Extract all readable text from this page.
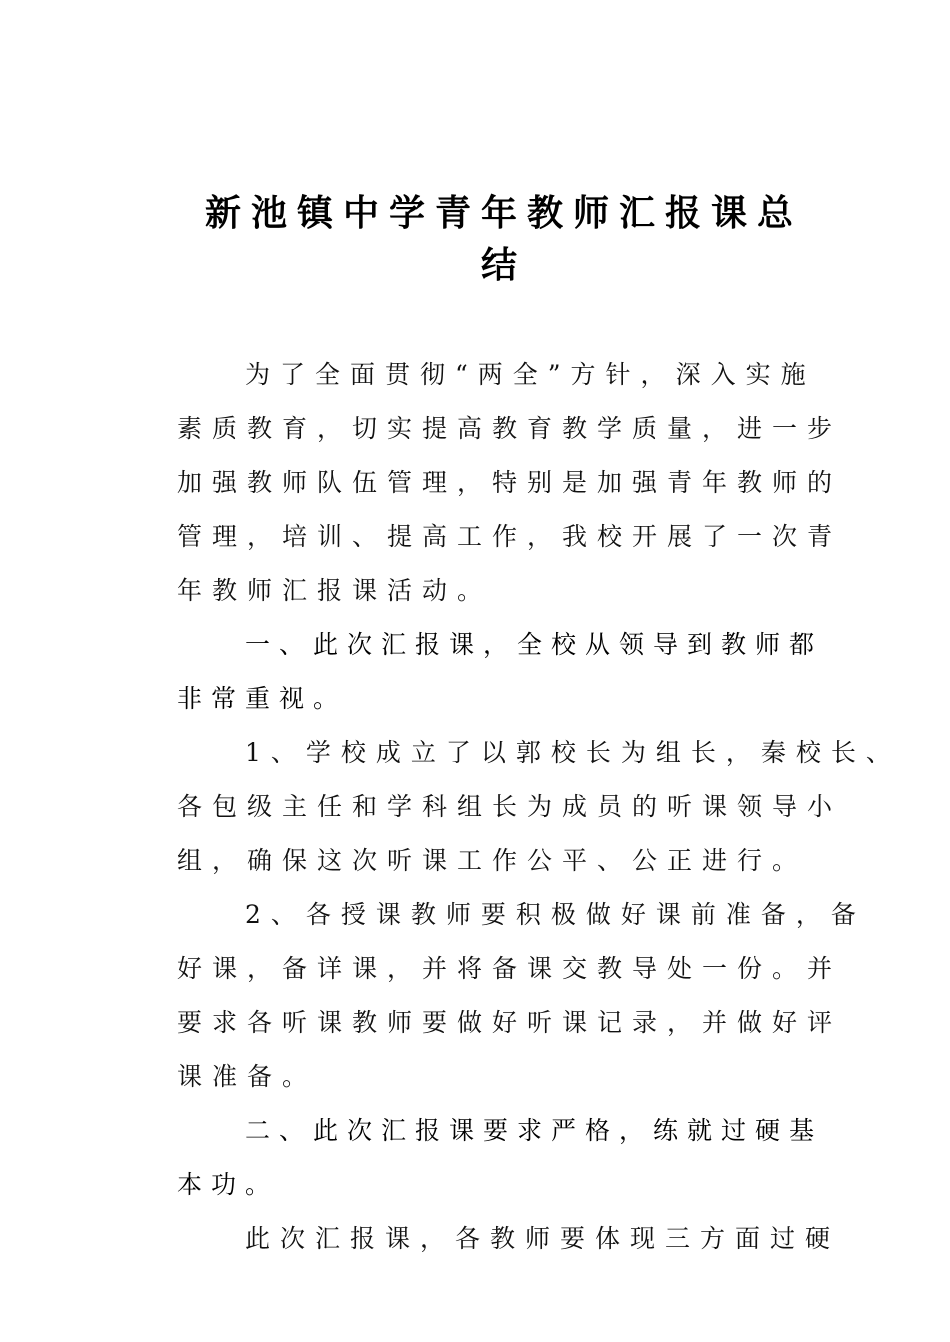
新池镇中学青年教师汇报课总
结
为了全面贯彻“两全”方针，深入实施
素质教育，切实提高教育教学质量，进一步
加强教师队伍管理，特别是加强青年教师的
管理，培训、提高工作，我校开展了一次青
年教师汇报课活动。
一、此次汇报课，全校从领导到教师都
非常重视。
1、学校成立了以郭校长为组长，秦校长、
各包级主任和学科组长为成员的听课领导小
组，确保这次听课工作公平、公正进行。
2、各授课教师要积极做好课前准备，备
好课，备详课，并将备课交教导处一份。并
要求各听课教师要做好听课记录，并做好评
课准备。
二、此次汇报课要求严格，练就过硬基
本功。
此次汇报课，各教师要体现三方面过硬
